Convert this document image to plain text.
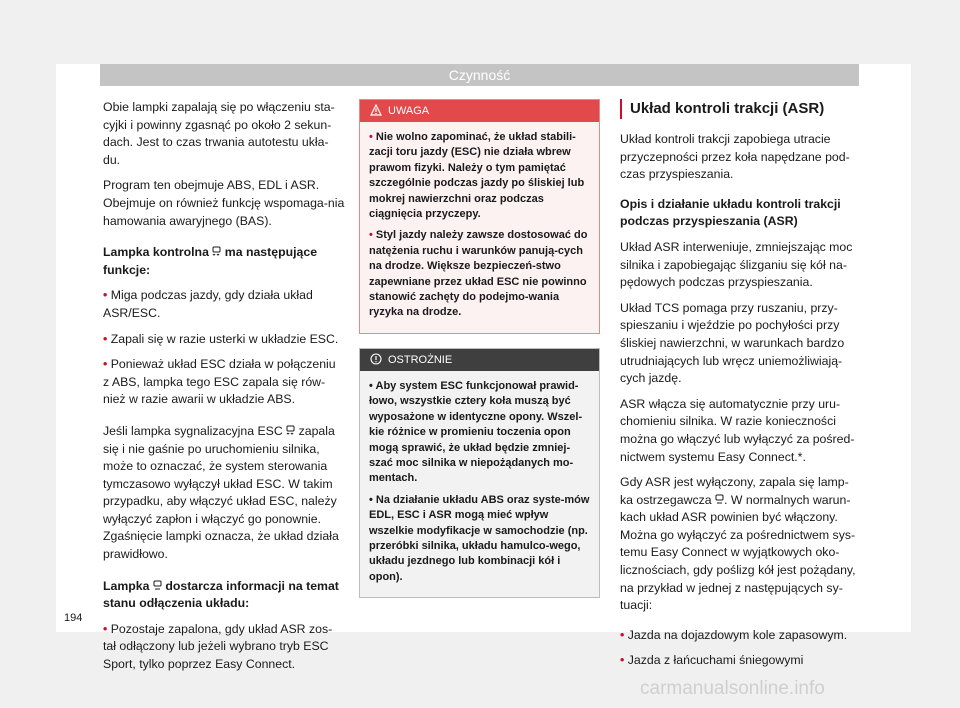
Czynność

Obie lampki zapalają się po włączeniu sta-cyjki i powinny zgasnąć po około 2 sekun-dach. Jest to czas trwania autotestu ukła-du.

Program ten obejmuje ABS, EDL i ASR. Obejmuje on również funkcję wspomaga-nia hamowania awaryjnego (BAS).

Lampka kontrolna ma następujące funkcje:

• Miga podczas jazdy, gdy działa układ ASR/ESC.

• Zapali się w razie usterki w układzie ESC.

• Ponieważ układ ESC działa w połączeniu z ABS, lampka tego ESC zapala się rów-nież w razie awarii w układzie ABS.

Jeśli lampka sygnalizacyjna ESC zapala się i nie gaśnie po uruchomieniu silnika, może to oznaczać, że system sterowania tymczasowo wyłączył układ ESC. W takim przypadku, aby włączyć układ ESC, należy wyłączyć zapłon i włączyć go ponownie. Zgaśnięcie lampki oznacza, że układ działa prawidłowo.

Lampka dostarcza informacji na temat stanu odłączenia układu:

• Pozostaje zapalona, gdy układ ASR zos-tał odłączony lub jeżeli wybrano tryb ESC Sport, tylko poprzez Easy Connect.

UWAGA

• Nie wolno zapominać, że układ stabili-zacji toru jazdy (ESC) nie działa wbrew prawom fizyki. Należy o tym pamiętać szczególnie podczas jazdy po śliskiej lub mokrej nawierzchni oraz podczas ciągnięcia przyczepy.

• Styl jazdy należy zawsze dostosować do natężenia ruchu i warunków panują-cych na drodze. Większe bezpieczeń-stwo zapewniane przez układ ESC nie powinno stanowić zachęty do podejmo-wania ryzyka na drodze.

OSTROŻNIE

• Aby system ESC funkcjonował prawid-łowo, wszystkie cztery koła muszą być wyposażone w identyczne opony. Wszel-kie różnice w promieniu toczenia opon mogą sprawić, że układ będzie zmniej-szać moc silnika w niepożądanych mo-mentach.

• Na działanie układu ABS oraz syste-mów EDL, ESC i ASR mogą mieć wpływ wszelkie modyfikacje w samochodzie (np. przeróbki silnika, układu hamulco-wego, układu jezdnego lub kombinacji kół i opon).

Układ kontroli trakcji (ASR)

Układ kontroli trakcji zapobiega utracie przyczepności przez koła napędzane pod-czas przyspieszania.

Opis i działanie układu kontroli trakcji podczas przyspieszania (ASR)

Układ ASR interweniuje, zmniejszając moc silnika i zapobiegając ślizganiu się kół na-pędowych podczas przyspieszania.

Układ TCS pomaga przy ruszaniu, przy-spieszaniu i wjeździe po pochyłości przy śliskiej nawierzchni, w warunkach bardzo utrudniających lub wręcz uniemożliwiają-cych jazdę.

ASR włącza się automatycznie przy uru-chomieniu silnika. W razie konieczności można go włączyć lub wyłączyć za pośred-nictwem systemu Easy Connect.*.

Gdy ASR jest wyłączony, zapala się lamp-ka ostrzegawcza . W normalnych warun-kach układ ASR powinien być włączony. Można go wyłączyć za pośrednictwem sys-temu Easy Connect w wyjątkowych oko-licznościach, gdy poślizg kół jest pożądany, na przykład w jednej z następujących sy-tuacji:

• Jazda na dojazdowym kole zapasowym.

• Jazda z łańcuchami śniegowymi

194
carmanualsonline.info
